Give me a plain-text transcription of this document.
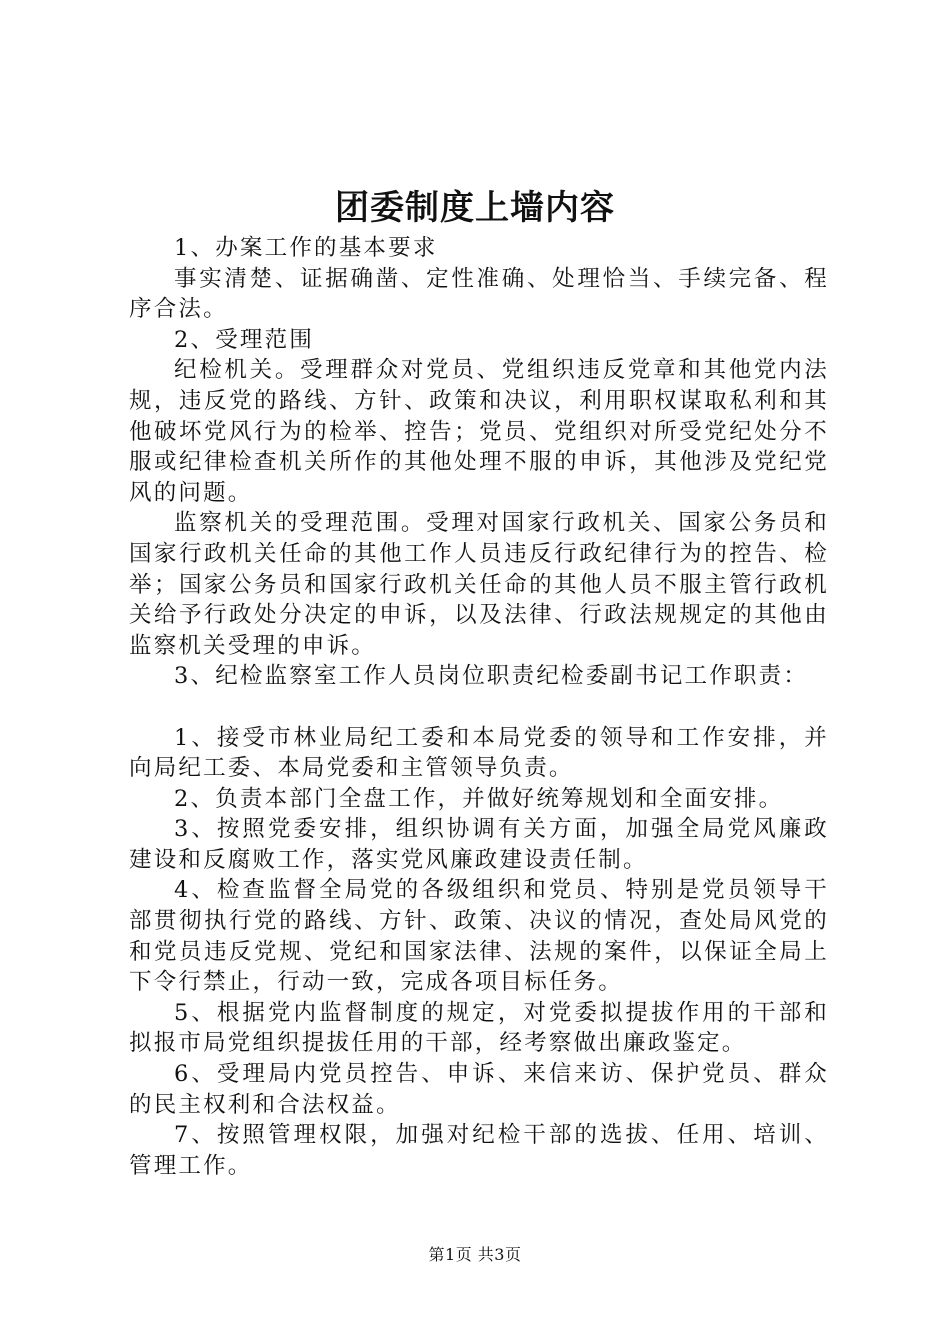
团委制度上墙内容

1、办案工作的基本要求

事实清楚、证据确凿、定性准确、处理恰当、手续完备、程序合法。

2、受理范围

纪检机关。受理群众对党员、党组织违反党章和其他党内法规，违反党的路线、方针、政策和决议，利用职权谋取私利和其他破坏党风行为的检举、控告；党员、党组织对所受党纪处分不服或纪律检查机关所作的其他处理不服的申诉，其他涉及党纪党风的问题。

监察机关的受理范围。受理对国家行政机关、国家公务员和国家行政机关任命的其他工作人员违反行政纪律行为的控告、检举；国家公务员和国家行政机关任命的其他人员不服主管行政机关给予行政处分决定的申诉，以及法律、行政法规规定的其他由监察机关受理的申诉。

3、纪检监察室工作人员岗位职责纪检委副书记工作职责：

1、接受市林业局纪工委和本局党委的领导和工作安排，并向局纪工委、本局党委和主管领导负责。

2、负责本部门全盘工作，并做好统筹规划和全面安排。

3、按照党委安排，组织协调有关方面，加强全局党风廉政建设和反腐败工作，落实党风廉政建设责任制。

4、检查监督全局党的各级组织和党员、特别是党员领导干部贯彻执行党的路线、方针、政策、决议的情况，查处局风党的和党员违反党规、党纪和国家法律、法规的案件，以保证全局上下令行禁止，行动一致，完成各项目标任务。

5、根据党内监督制度的规定，对党委拟提拔作用的干部和拟报市局党组织提拔任用的干部，经考察做出廉政鉴定。

6、受理局内党员控告、申诉、来信来访、保护党员、群众的民主权利和合法权益。

7、按照管理权限，加强对纪检干部的选拔、任用、培训、管理工作。

第1页 共3页
